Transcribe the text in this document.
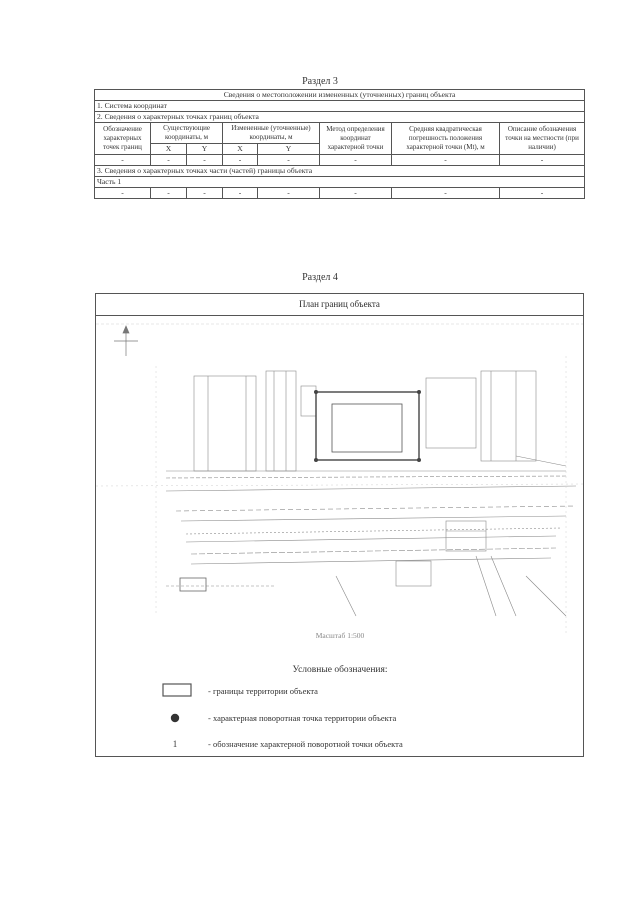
Раздел 3
Сведения о местоположении измененных (уточненных) границ объекта							
1. Система координат							
2. Сведения о характерных точках границ объекта							
Обозначение характерных точек границ	Существующие координаты, м		Измененные (уточненные) координаты, м		Метод определения координат характерной точки	Средняя квадратическая погрешность положения характерной точки (Mt), м	Описание обозначения точки на местности (при наличии)
	X	Y	X	Y			
-	-	-	-	-	-	-	-
3. Сведения о характерных точках части (частей) границы объекта							
Часть 1							
-	-	-	-	-	-	-	-
Раздел 4
План границ объекта
Масштаб 1:500
Условные обозначения:
- границы территории объекта
- характерная поворотная точка территории объекта
1	- обозначение характерной поворотной точки объекта
